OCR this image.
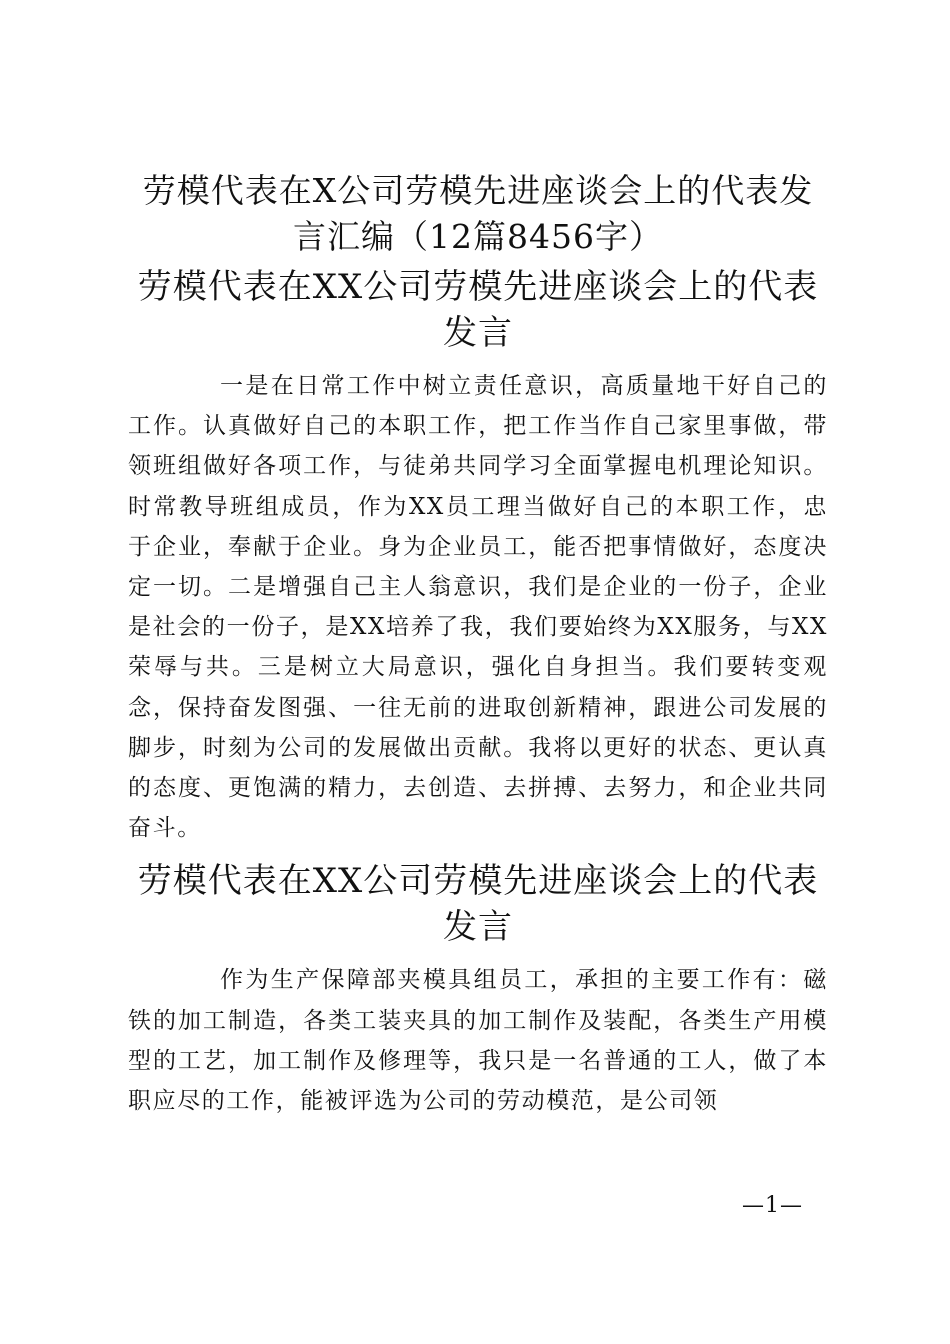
劳模代表在X公司劳模先进座谈会上的代表发言汇编（12篇8456字）
劳模代表在XX公司劳模先进座谈会上的代表发言

一是在日常工作中树立责任意识，高质量地干好自己的工作。认真做好自己的本职工作，把工作当作自己家里事做，带领班组做好各项工作，与徒弟共同学习全面掌握电机理论知识。时常教导班组成员，作为XX员工理当做好自己的本职工作，忠于企业，奉献于企业。身为企业员工，能否把事情做好，态度决定一切。二是增强自己主人翁意识，我们是企业的一份子，企业是社会的一份子，是XX培养了我，我们要始终为XX服务，与XX荣辱与共。三是树立大局意识，强化自身担当。我们要转变观念，保持奋发图强、一往无前的进取创新精神，跟进公司发展的脚步，时刻为公司的发展做出贡献。我将以更好的状态、更认真的态度、更饱满的精力，去创造、去拼搏、去努力，和企业共同奋斗。

劳模代表在XX公司劳模先进座谈会上的代表发言

作为生产保障部夹模具组员工，承担的主要工作有：磁铁的加工制造，各类工装夹具的加工制作及装配，各类生产用模型的工艺，加工制作及修理等，我只是一名普通的工人，做了本职应尽的工作，能被评选为公司的劳动模范，是公司领

—1—
